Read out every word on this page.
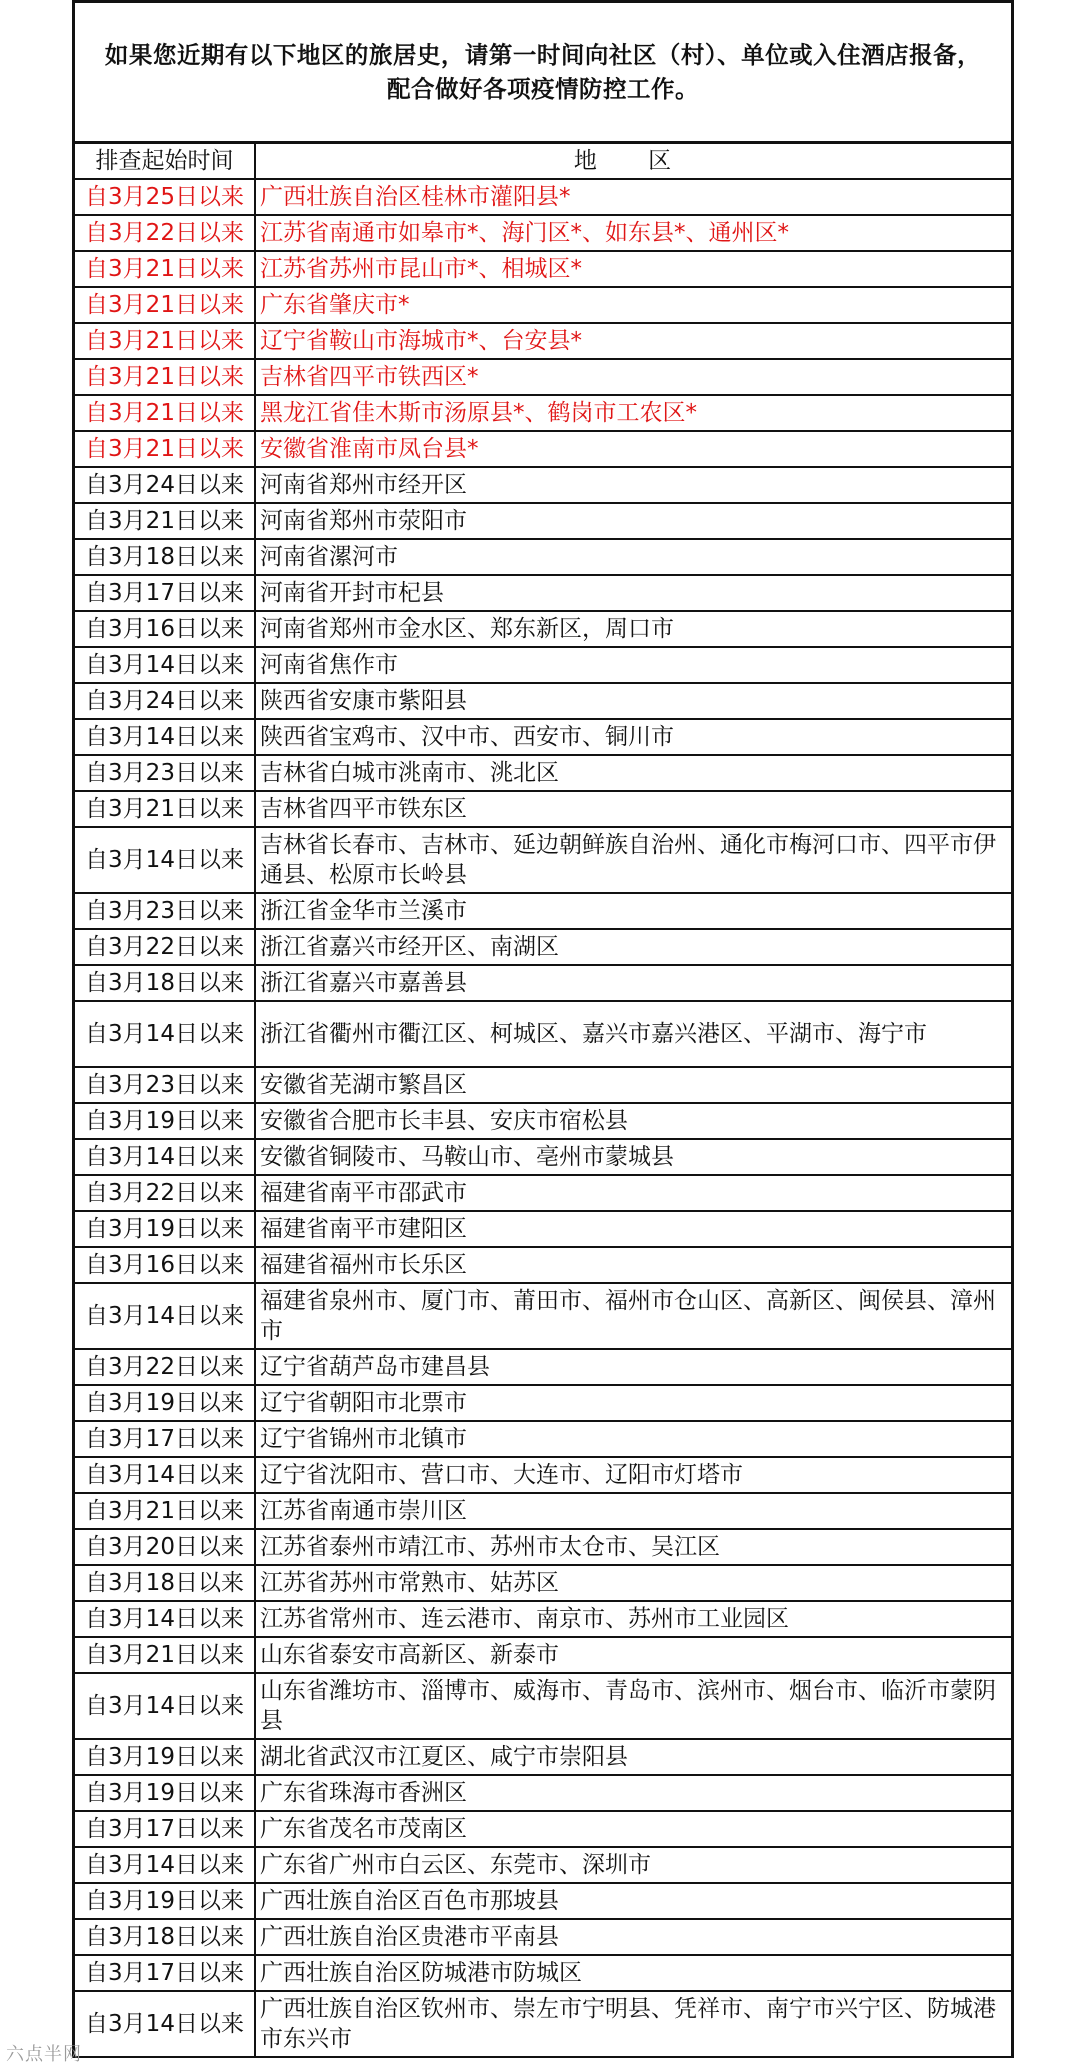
如果您近期有以下地区的旅居史，请第一时间向社区（村）、单位或入住酒店报备，配合做好各项疫情防控工作。
排查起始时间	地 区
自3月25日以来	广西壮族自治区桂林市灌阳县*
自3月22日以来	江苏省南通市如皋市*、海门区*、如东县*、通州区*
自3月21日以来	江苏省苏州市昆山市*、相城区*
自3月21日以来	广东省肇庆市*
自3月21日以来	辽宁省鞍山市海城市*、台安县*
自3月21日以来	吉林省四平市铁西区*
自3月21日以来	黑龙江省佳木斯市汤原县*、鹤岗市工农区*
自3月21日以来	安徽省淮南市凤台县*
自3月24日以来	河南省郑州市经开区
自3月21日以来	河南省郑州市荥阳市
自3月18日以来	河南省漯河市
自3月17日以来	河南省开封市杞县
自3月16日以来	河南省郑州市金水区、郑东新区，周口市
自3月14日以来	河南省焦作市
自3月24日以来	陕西省安康市紫阳县
自3月14日以来	陕西省宝鸡市、汉中市、西安市、铜川市
自3月23日以来	吉林省白城市洮南市、洮北区
自3月21日以来	吉林省四平市铁东区
自3月14日以来	吉林省长春市、吉林市、延边朝鲜族自治州、通化市梅河口市、四平市伊通县、松原市长岭县
自3月23日以来	浙江省金华市兰溪市
自3月22日以来	浙江省嘉兴市经开区、南湖区
自3月18日以来	浙江省嘉兴市嘉善县
自3月14日以来	浙江省衢州市衢江区、柯城区、嘉兴市嘉兴港区、平湖市、海宁市
自3月23日以来	安徽省芜湖市繁昌区
自3月19日以来	安徽省合肥市长丰县、安庆市宿松县
自3月14日以来	安徽省铜陵市、马鞍山市、亳州市蒙城县
自3月22日以来	福建省南平市邵武市
自3月19日以来	福建省南平市建阳区
自3月16日以来	福建省福州市长乐区
自3月14日以来	福建省泉州市、厦门市、莆田市、福州市仓山区、高新区、闽侯县、漳州市
自3月22日以来	辽宁省葫芦岛市建昌县
自3月19日以来	辽宁省朝阳市北票市
自3月17日以来	辽宁省锦州市北镇市
自3月14日以来	辽宁省沈阳市、营口市、大连市、辽阳市灯塔市
自3月21日以来	江苏省南通市崇川区
自3月20日以来	江苏省泰州市靖江市、苏州市太仓市、吴江区
自3月18日以来	江苏省苏州市常熟市、姑苏区
自3月14日以来	江苏省常州市、连云港市、南京市、苏州市工业园区
自3月21日以来	山东省泰安市高新区、新泰市
自3月14日以来	山东省潍坊市、淄博市、威海市、青岛市、滨州市、烟台市、临沂市蒙阴县
自3月19日以来	湖北省武汉市江夏区、咸宁市崇阳县
自3月19日以来	广东省珠海市香洲区
自3月17日以来	广东省茂名市茂南区
自3月14日以来	广东省广州市白云区、东莞市、深圳市
自3月19日以来	广西壮族自治区百色市那坡县
自3月18日以来	广西壮族自治区贵港市平南县
自3月17日以来	广西壮族自治区防城港市防城区
自3月14日以来	广西壮族自治区钦州市、崇左市宁明县、凭祥市、南宁市兴宁区、防城港市东兴市
六点半网
